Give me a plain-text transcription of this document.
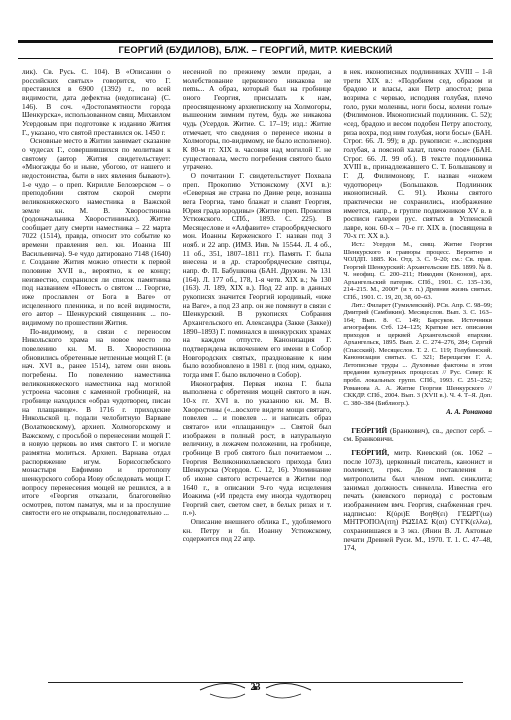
ГЕОРГИЙ (БУДИЛОВ), БЛЖ. – ГЕОРГИЙ, МИТР. КИЕВСКИЙ

лик). Св. Русь. С. 104). В «Описании о российских святых» говорится, что Г. преставился в 6900 (1392) г., по всей видимости, дата дефектна (недописана) (С. 146). В соч. «Достопамятности города Шенкурска», использованном свящ. Михаилом Усердовым при подготовке к изданию Жития Г., указано, что святой преставился ок. 1450 г.

Основные место в Житии занимает сказание о чудесах Г., совершившихся по молитвам к святому (автор Жития свидетельствует: «Многажды бо и ныне, убогою, от нашего и недостоинства, быти в них явления бывают»). 1-е чудо – о преп. Кирилле Белозерском – о преподобнии святом скорой смерти великокняжеского наместника в Важской земле кн. М. В. Хворостинина (родоначальника Хворостининых). Житие сообщает дату смерти наместника – 22 марта 7022 (1514), правда, относит это событие ко времени правления вел. кн. Иоанна III Васильевича). 9-е чудо датировано 7148 (1640) г. Создание Жития можно отнести к первой половине XVII в., вероятно, к ее концу; неизвестно, сохранился ли список памятника под названием «Повесть о святом ... Георгие, иже прославлен от Бога в Ваге» от исцеленного пленника, и по всей видимости, его автор – Шенкурский священник ... по-видимому по прошествии Жития.

По-видимому, в связи с переносом Никольского храма на новое место по повелению кн. М. В. Хворостинина обновились обретенные нетленные мощей Г. (в нач. XVI в., ранее 1514), затем они вновь погребены. По повелению наместника великокняжеского наместника над могилой устроена часовня с каменной гробницей, на гробнице находился «образ чудотворец, писан на плащанице». В 1716 г. приходские Никольской ц. подали челобитную Варваве (Волатковскому), архиеп. Холмогорскому и Важскому, с просьбой о перенесении мощей Г. в новую церковь во имя святого Г. и могиле размятна молиться. Архиеп. Варнава отдал распоряжение игум. Борисоглебского монастыря Евфимию и протопопу шенкурского собора Иову обследовать мощи Г. вопросу перенесения мощей не решился, а в итоге «Георгия отказали, благоговейно осмотрев, потом паматуя, мы и за прослушие святости его не открывали, последовательно ...

несенной по прежнему земли предан, а молебствование церковного никакова не пеmь... А образ, который был на гробнице оного Георгия, присылать к нам, преосвященному архиепископу на Холмогоры, вышеоним зимним путем, будь же никакова чудь (Усердов. Житие. С. 17–19; изд.: Житие отмечает, что сведения о перенесе иконы в Холмогоры, по-видимому, не было исполнено). К 80-м гг. XIX в. часовня над могилой Г. не существовала, место погребения святого было утрачено.

О почитании Г. свидетельствует Похвала преп. Прокопию Устюжскому (XVI в.): «Северная же страна по Двине реце, вознаша вега Георгиа, тамо блажат и славят Георгия, Юрия града юродивы» (Житие преп. Прокопия Устюжского. СПб., 1893. С. 225). В Месяцеслове и «Алфавите» старообрядческого мон. Иоанны Керженского Г. назван под 3 нояб. и 22 апр. (ИМЗ. Инв. № 15544. Л. 4 об., 11 об., 351, 1807–1811 гг.). Память Г. была внесена и в др. старообрядческие святцы, напр. Ф. П. Бабушкина (БАН. Дружин. № 131 (164). Л. 177 об., 178, 1-я четв. XIX в.; № 130 (163). Л. 189, XIX в.). Под 22 апр. в данных рукописях значится Георгий юродивый, «иже на Ваге», а под 23 апр. он же помянут в связи с Шенкурский. В рукописях Собрания Архангельского еп. Александра (Закке (Закке)) 1890–1893) Г. поминался в шенкурских храмах на каждом отпусте. Канонизация Г. подтверждена включением его имени в Собор Новгородских святых, празднование к ним было возобновлено в 1981 г. (под ним, однако, тогда имя Г. было включено в Собор).

Иконография. Первая икона Г. была выполнена с обретения мощей святого в нач. 10-х гг. XVI в. по указанию кн. М. В. Хворостины («...восхоте видети мощи святаго, повелев ... и повелев ... и написать образ святаго» или «плащаницу» ... Святой был изображен в полный рост, в натуральную величину, в лежачем положении, на гробнице, гробнице В гроб святого был почитаемом ... Георгия Великониколаевского прихода близ Шенкурска (Усердов. С. 12, 16). Упоминание об иконе святого встречается в Житии под 1640 г., в описании 9-го чуда исцеления Иоакима («И предста ему иногда чудотворец Георгий свет, светом свет, в белых ризах и т. п.»).

Описание внешнего облика Г., удобляемого кн. Петру и бл. Иоанну Устюжскому, содержится под 22 апр.

в нек. иконописных подлинниках XVIII – 1-й трети XIX в.: «Подобием сед, образом и брадою и власы, аки Петр апостол; риза возрима с червью, исподняя голубая, плечо голо, руки моленны, ноги босы, колени голы» (Филимонов. Иконописный подлинник. С. 52); «сед, брадою и весом подобен Петру апостолу, риза вохра, под ним голубая, ноги босы» (БАН. Строг. 66. Л. 99); в др. рукописи: «...исподняя голубая, а поясной халат, плечо голое» (БАН. Строг. 66. Л. 99 об.). В тексте подлинника XVIII в., принадлежавшего С. Т. Большакову и Г. Д. Филимонову, Г. назван «ножем чудотворец» (Большаков. Подлинник иконописный. С. 91). Иконы святого практически не сохранились, изображение имеется, напр., в группе подвижников XV в. в росписи галереи рус. святых в Успенской лавре, кон. 60-х – 70-е гг. XIX в. (посвящена в 70-х гг. XX в.).

Ист.: Усердов М., свящ. Житие Георгия Шенкурского и гравюры процесс. Вероятно и ЧОЛДП. 1885. Кн. Отд. 3. С. 9–20; см.: Св. прав. Георгий Шенкурский: Архангельские ЕВ. 1899. № 8. Ч. неофиц. С. 200–211; Никодим (Кононов), арх. Архангельский патерик. СПб., 1901. С. 135–136, 214–215. М., 2000* (и т. п.) Древняя жизнь святых. СПб., 1901. С. 19, 20, 38, 60–63.

Лит.: Филарет (Гумилевский). РСв. Апр. С. 98–99; Дмитрий (Самбикин). Месяцеслов. Вып. 3. С. 163–164; Вып. 8. С. 149; Барсуков. Источники агиографии. Стб. 124–125; Краткие ист. описания приходов и церквей Архангельской епархии. Архангельск, 1895. Вып. 2. С. 274–276, 284; Сергий (Спасский). Месяцеслов. Т. 2. С. 119; Голубинский. Канонизация святых. С. 321; Верещагин Г. А. Летописные труды ... Духовные фактоны в этом предании культурных процессах // Рус. Север: К пробл. локальных групп. СПб., 1993. С. 251–252; Романова А. А. Житие Георгия Шенкурского // СККДР. СПб., 2004. Вып. 3 (XVII в.). Ч. 4. Т–Я. Доп. С. 380–384 (Библиогр.).

А. А. Романова

ГЕО́РГИЙ (Бранкович), св., деспот серб. – см. Бранковичи.

ГЕО́РГИЙ, митр. Киевский (ок. 1062 – после 1073), церковный писатель, канонист и полемист, грек. До поставления в митрополиты был членом имп. синклита; занимал должность синкелла. Известна его печать (киевского периода) с ростовым изображением вмч. Георгия, снабженная греч. надписью: К(ύρι)Е ΒοηΘ(ει) ΓΕΩΡΓ(ιω) ΜΗΤΡΟΠΟΛ(ιτη) ΡΩΣΙΑΣ К(αι) СҮΓΚ(ελλω), сохранившаяся в 3 экз. (Янин В. Л. Актовые печати Древней Руси. М., 1970. Т. 1. С. 47–48, 174,

23
